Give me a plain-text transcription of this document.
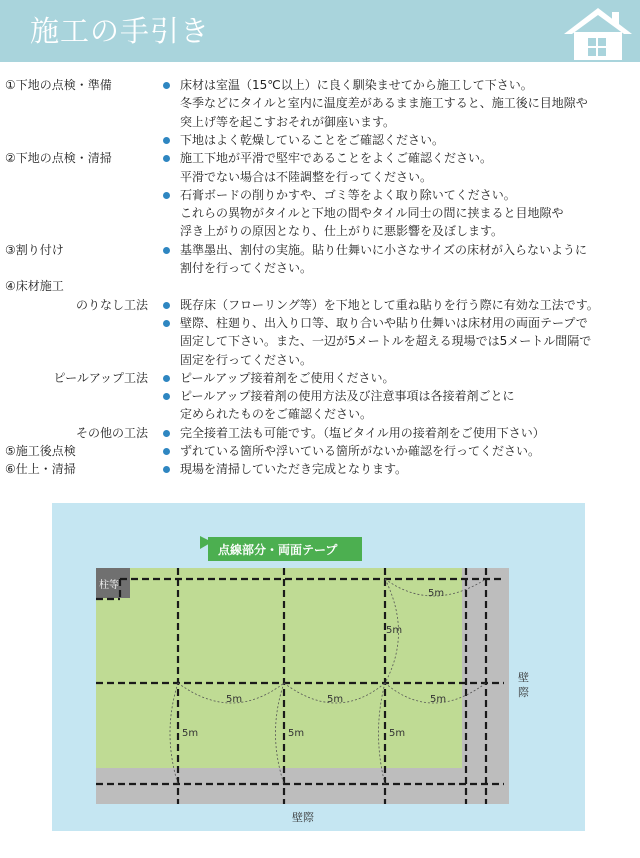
施工の手引き
①下地の点検・準備	床材は室温（15℃以上）に良く馴染ませてから施工して下さい。
冬季などにタイルと室内に温度差があるまま施工すると、施工後に目地隙や
突上げ等を起こすおそれが御座います。
下地はよく乾燥していることをご確認ください。
②下地の点検・清掃	施工下地が平滑で堅牢であることをよくご確認ください。
平滑でない場合は不陸調整を行ってください。
石膏ボードの削りかすや、ゴミ等をよく取り除いてください。
これらの異物がタイルと下地の間やタイル同士の間に挟まると目地隙や
浮き上がりの原因となり、仕上がりに悪影響を及ぼします。
③割り付け	基準墨出、割付の実施。貼り仕舞いに小さなサイズの床材が入らないように
割付を行ってください。
④床材施工
のりなし工法	既存床（フローリング等）を下地として重ね貼りを行う際に有効な工法です。
壁際、柱廻り、出入り口等、取り合いや貼り仕舞いは床材用の両面テープで
固定して下さい。また、一辺が5メートルを超える現場では5メートル間隔で
固定を行ってください。
ピールアップ工法	ピールアップ接着剤をご使用ください。
ピールアップ接着剤の使用方法及び注意事項は各接着剤ごとに
定められたものをご確認ください。
その他の工法	完全接着工法も可能です。（塩ビタイル用の接着剤をご使用下さい）
⑤施工後点検	ずれている箇所や浮いている箇所がないか確認を行ってください。
⑥仕上・清掃	現場を清掃していただき完成となります。
柱等
5m
5m
5m	5m	5m
5m	5m	5m
壁
際
壁際
点線部分・両面テープ
